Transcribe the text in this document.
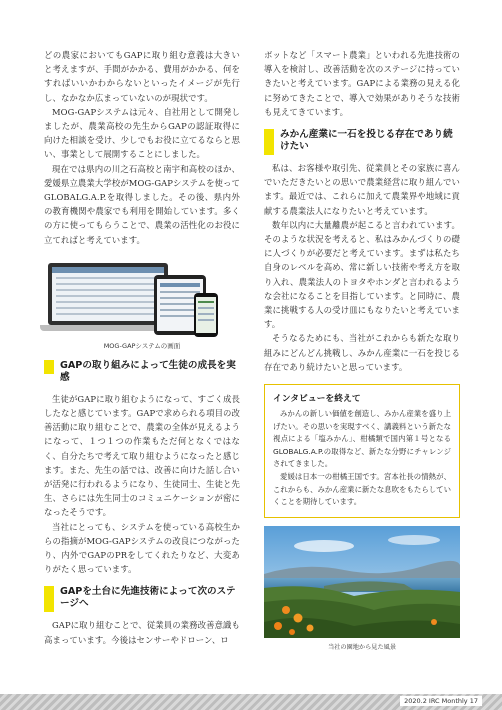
どの農家においてもGAPに取り組む意義は大きいと考えますが、手間がかかる、費用がかかる、何をすればいいかわからないといったイメージが先行し、なかなか広まっていないのが現状です。

MOG-GAPシステムは元々、自社用として開発しましたが、農業高校の先生からGAPの認証取得に向けた相談を受け、少しでもお役に立てるならと思い、事業として展開することにしました。

現在では県内の川之石高校と南宇和高校のほか、愛媛県立農業大学校がMOG-GAPシステムを使ってGLOBALG.A.P.を取得しました。その後、県内外の教育機関や農家でも利用を開始しています。多くの方に使ってもらうことで、農業の活性化のお役に立てればと考えています。

MOG-GAPシステムの画面
GAPの取り組みによって生徒の成長を実感

生徒がGAPに取り組むようになって、すごく成長したなと感じています。GAPで求められる項目の改善活動に取り組むことで、農業の全体が見えるようになって、１つ１つの作業もただ何となくではなく、自分たちで考えて取り組むようになったと感じます。また、先生の話では、改善に向けた話し合いが活発に行われるようになり、生徒同士、生徒と先生、さらには先生同士のコミュニケーションが密になったそうです。

当社にとっても、システムを使っている高校生からの指摘がMOG-GAPシステムの改良につながったり、内外でGAPのPRをしてくれたりなど、大変ありがたく思っています。

GAPを土台に先進技術によって次のステージへ

GAPに取り組むことで、従業員の業務改善意識も高まっています。今後はセンサーやドローン、ロ

ボットなど「スマート農業」といわれる先進技術の導入を検討し、改善活動を次のステージに持っていきたいと考えています。GAPによる業務の見える化に努めてきたことで、導入で効果がありそうな技術も見えてきています。

みかん産業に一石を投じる存在であり続けたい

私は、お客様や取引先、従業員とその家族に喜んでいただきたいとの思いで農業経営に取り組んでいます。最近では、これらに加えて農業界や地域に貢献する農業法人になりたいと考えています。

数年以内に大量離農が起こると言われています。そのような状況を考えると、私はみかんづくりの礎に人づくりが必要だと考えています。まずは私たち自身のレベルを高め、常に新しい技術や考え方を取り入れ、農業法人のトヨタやホンダと言われるような会社になることを目指しています。と同時に、農業に挑戦する人の受け皿にもなりたいと考えています。

そうなるためにも、当社がこれからも新たな取り組みにどんどん挑戦し、みかん産業に一石を投じる存在であり続けたいと思っています。

インタビューを終えて

みかんの新しい価値を創造し、みかん産業を盛り上げたい。その思いを実現すべく、講義料という新たな視点による「塩みかん」、柑橘類で国内第１号となるGLOBALG.A.P.の取得など、新たな分野にチャレンジされてきました。

愛媛は日本一の柑橘王国です。宮本社長の情熱が、これからも、みかん産業に新たな息吹をもたらしていくことを期待しています。

当社の園地から見た風景
2020.2 IRC Monthly 17
